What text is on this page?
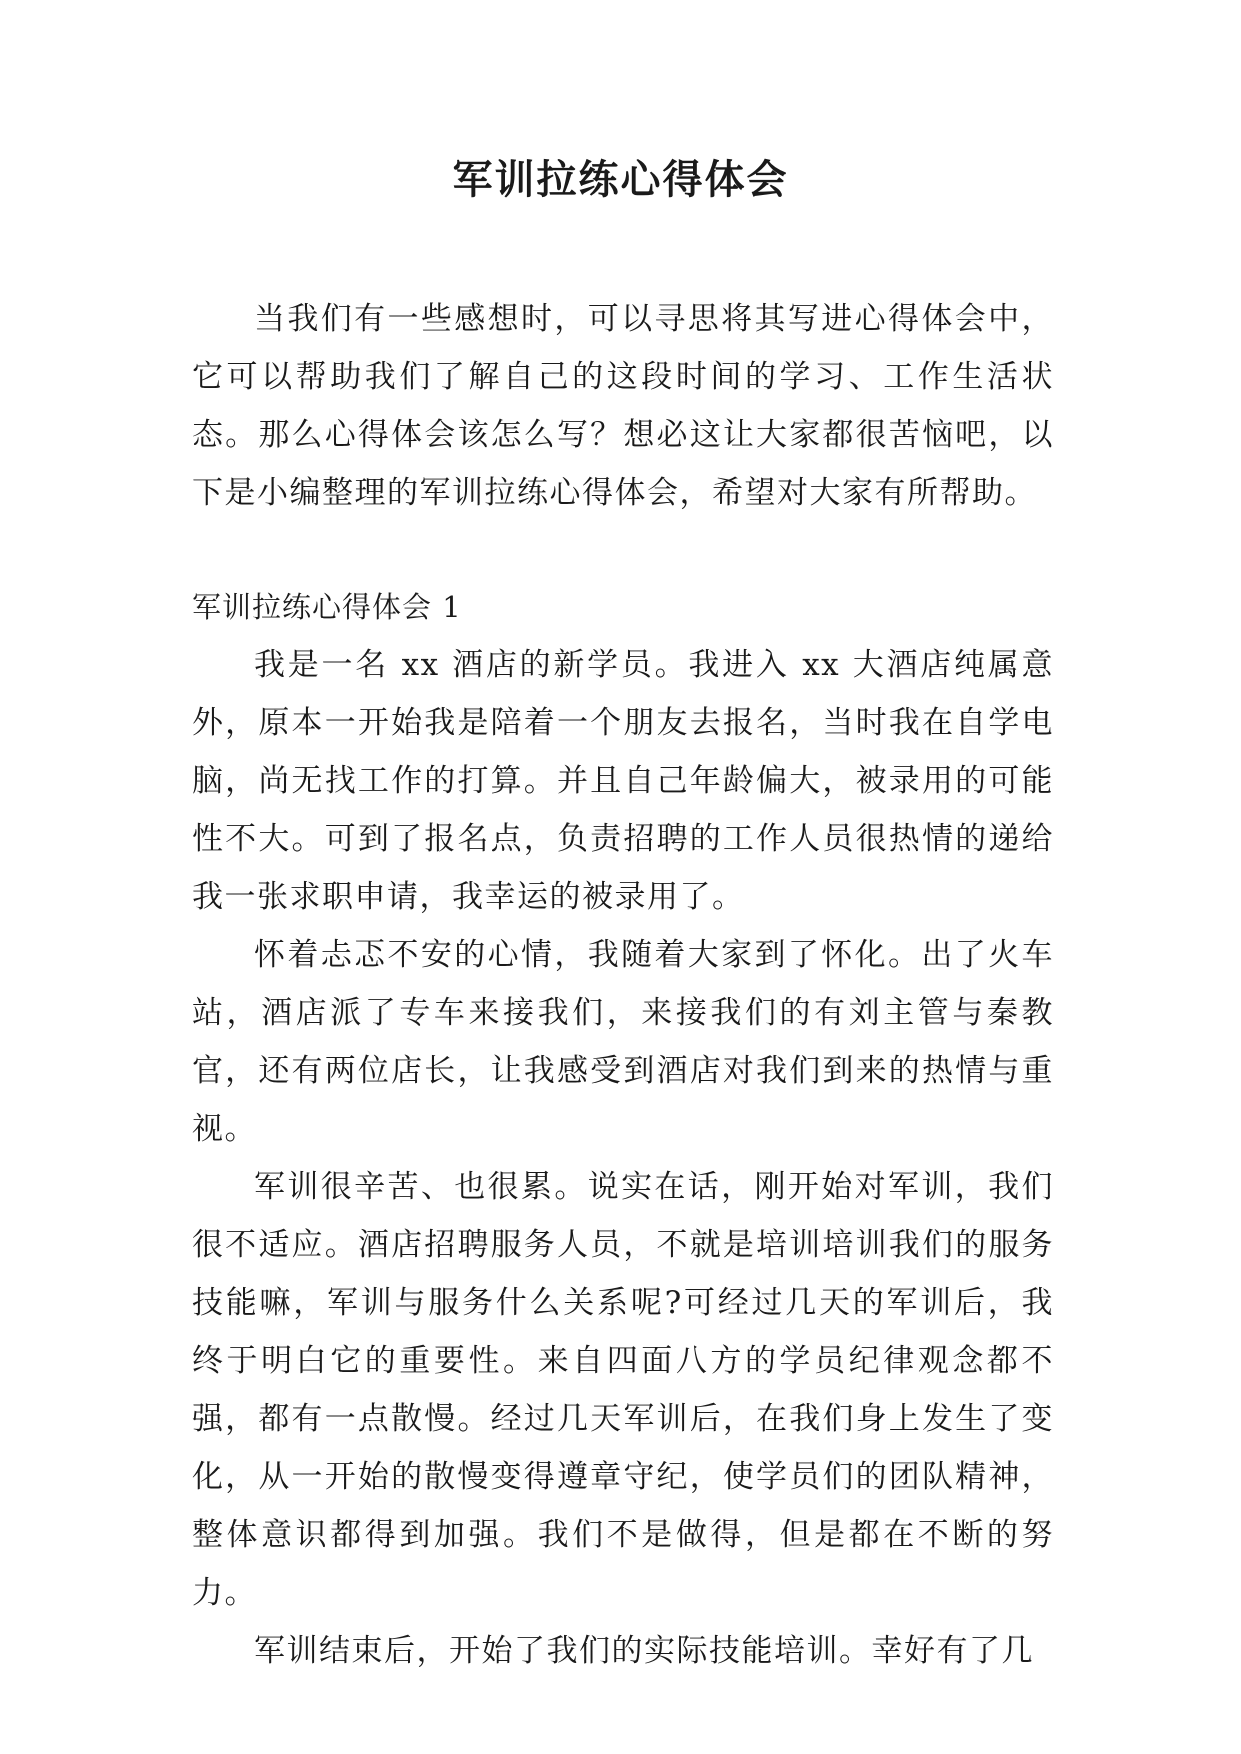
军训拉练心得体会

当我们有一些感想时，可以寻思将其写进心得体会中，它可以帮助我们了解自己的这段时间的学习、工作生活状态。那么心得体会该怎么写？想必这让大家都很苦恼吧，以下是小编整理的军训拉练心得体会，希望对大家有所帮助。

军训拉练心得体会 1

我是一名 xx 酒店的新学员。我进入 xx 大酒店纯属意外，原本一开始我是陪着一个朋友去报名，当时我在自学电脑，尚无找工作的打算。并且自己年龄偏大，被录用的可能性不大。可到了报名点，负责招聘的工作人员很热情的递给我一张求职申请，我幸运的被录用了。

怀着忐忑不安的心情，我随着大家到了怀化。出了火车站，酒店派了专车来接我们，来接我们的有刘主管与秦教官，还有两位店长，让我感受到酒店对我们到来的热情与重视。

军训很辛苦、也很累。说实在话，刚开始对军训，我们很不适应。酒店招聘服务人员，不就是培训培训我们的服务技能嘛，军训与服务什么关系呢?可经过几天的军训后，我终于明白它的重要性。来自四面八方的学员纪律观念都不强，都有一点散慢。经过几天军训后，在我们身上发生了变化，从一开始的散慢变得遵章守纪，使学员们的团队精神，整体意识都得到加强。我们不是做得，但是都在不断的努力。

军训结束后，开始了我们的实际技能培训。幸好有了几
